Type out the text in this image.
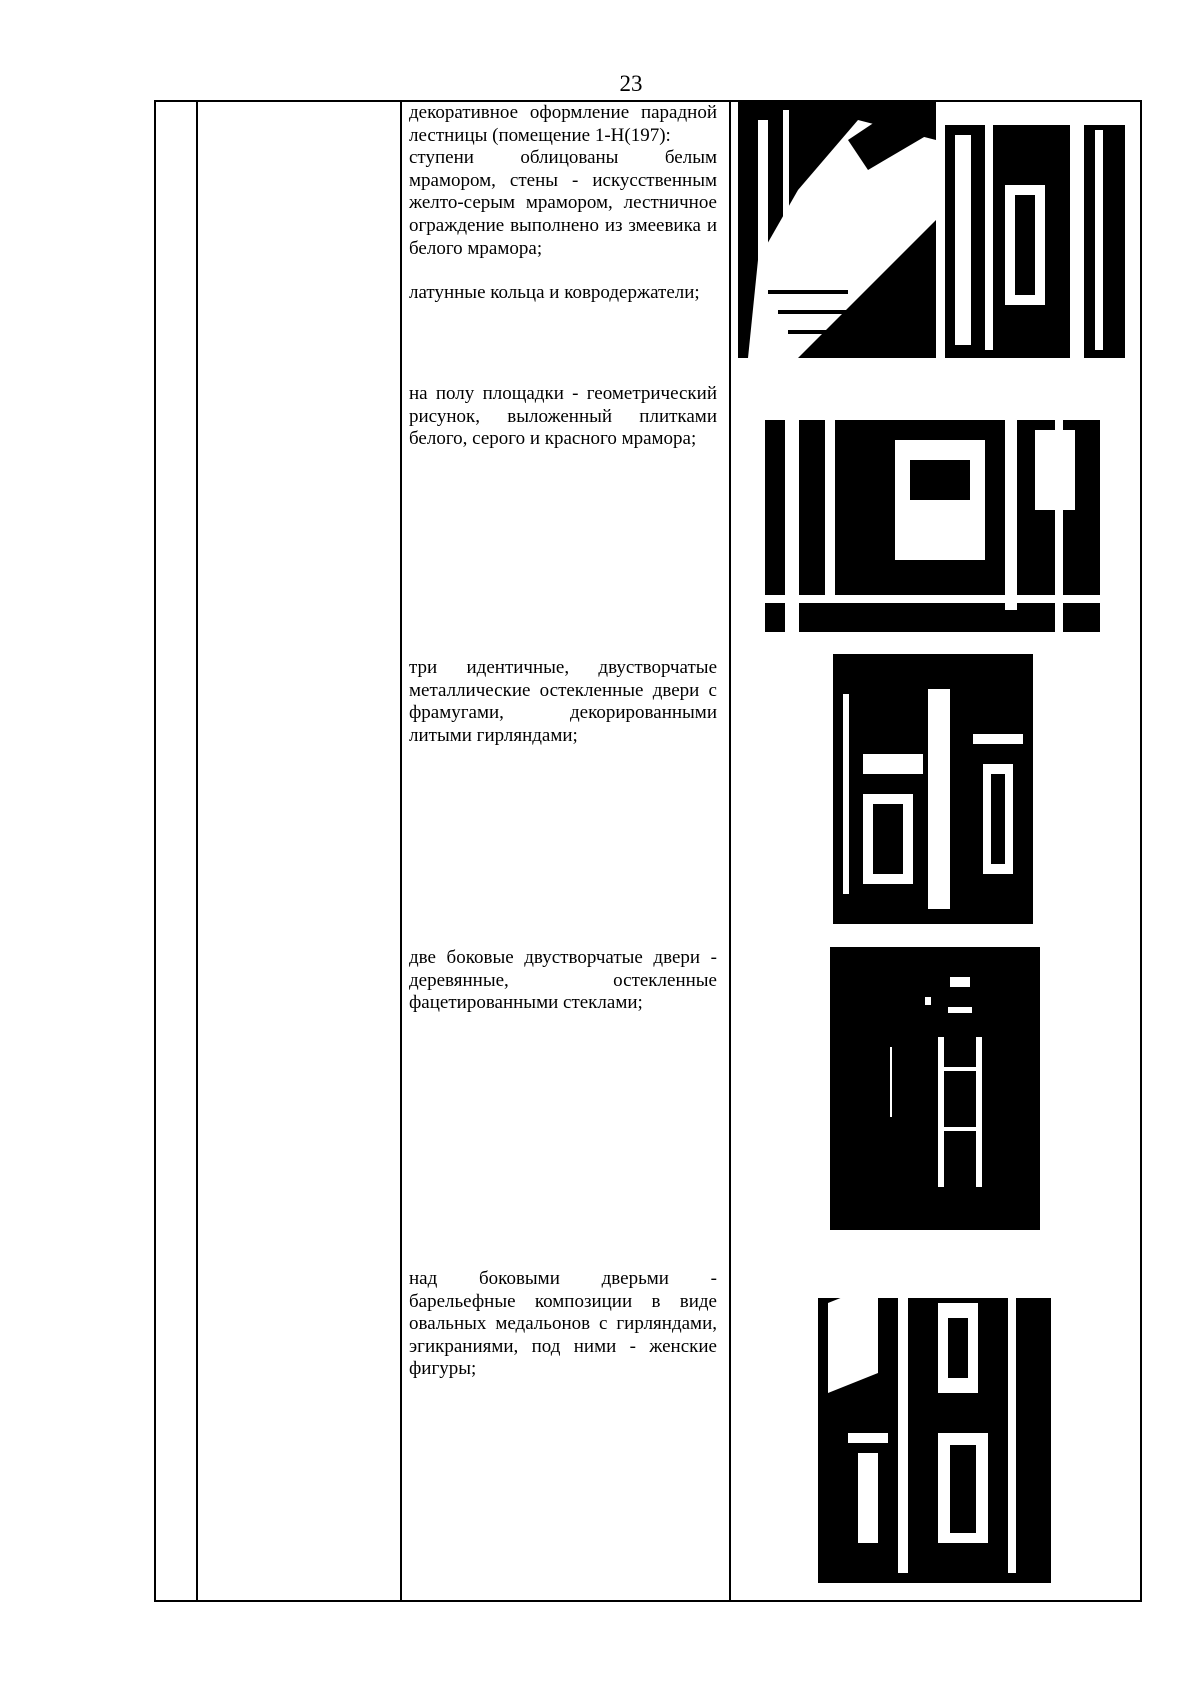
23

декоративное оформление парадной лестницы (помещение 1-Н(197):

ступени облицованы белым мрамором, стены - искусственным желто-серым мрамором, лестничное ограждение выполнено из змеевика и белого мрамора;

латунные кольца и ковродержатели;

на полу площадки - геометрический рисунок, выложенный плитками белого, серого и красного мрамора;

три идентичные, двустворчатые металлические остекленные двери с фрамугами, декорированными литыми гирляндами;

две боковые двустворчатые двери - деревянные, остекленные фацетированными стеклами;

над боковыми дверьми - барельефные композиции в виде овальных медальонов с гирляндами, эгикраниями, под ними - женские фигуры;
